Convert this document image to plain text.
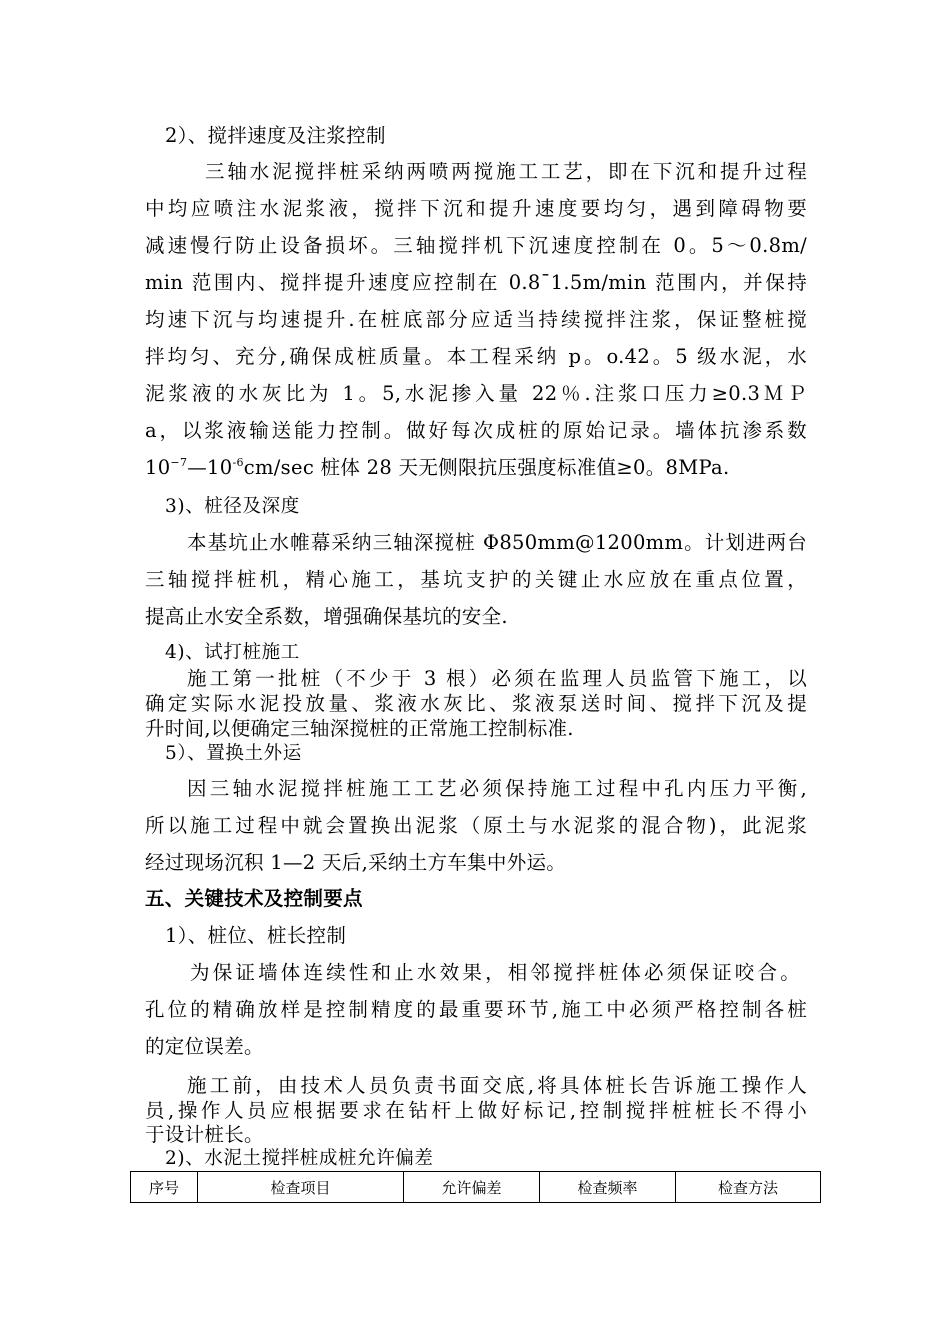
2）、搅拌速度及注浆控制
三轴水泥搅拌桩采纳两喷两搅施工工艺，即在下沉和提升过程
中均应喷注水泥浆液，搅拌下沉和提升速度要均匀，遇到障碍物要
减速慢行防止设备损坏。三轴搅拌机下沉速度控制在 0。5～0.8m/
min 范围内、搅拌提升速度应控制在 0.8¯1.5m/min 范围内，并保持
均速下沉与均速提升.在桩底部分应适当持续搅拌注浆，保证整桩搅
拌均匀、充分,确保成桩质量。本工程采纳 p。o.42。5 级水泥，水
泥浆液的水灰比为 1。5,水泥掺入量 22％.注浆口压力≥0.3ＭＰ
a，以浆液输送能力控制。做好每次成桩的原始记录。墙体抗渗系数
$10^{-7}—10^{-6}cm/\sec$ 桩体 28 天无侧限抗压强度标准值≥0。8MPa.
3)、桩径及深度
本基坑止水帷幕采纳三轴深搅桩 Φ850mm@1200mm。计划进两台
三轴搅拌桩机，精心施工，基坑支护的关键止水应放在重点位置，
提高止水安全系数，增强确保基坑的安全.
4)、试打桩施工
施工第一批桩（不少于 3 根）必须在监理人员监管下施工，以
确定实际水泥投放量、浆液水灰比、浆液泵送时间、搅拌下沉及提
升时间,以便确定三轴深搅桩的正常施工控制标准.
5）、置换土外运
因三轴水泥搅拌桩施工工艺必须保持施工过程中孔内压力平衡,
所以施工过程中就会置换出泥浆（原土与水泥浆的混合物)，此泥浆
经过现场沉积 1—2 天后,采纳土方车集中外运。
五、关键技术及控制要点
1）、桩位、桩长控制
为保证墙体连续性和止水效果，相邻搅拌桩体必须保证咬合。
孔位的精确放样是控制精度的最重要环节,施工中必须严格控制各桩
的定位误差。
施工前，由技术人员负责书面交底,将具体桩长告诉施工操作人
员,操作人员应根据要求在钻杆上做好标记,控制搅拌桩桩长不得小
于设计桩长。
2)、水泥土搅拌桩成桩允许偏差
序号	检查项目	允许偏差	检查频率	检查方法
